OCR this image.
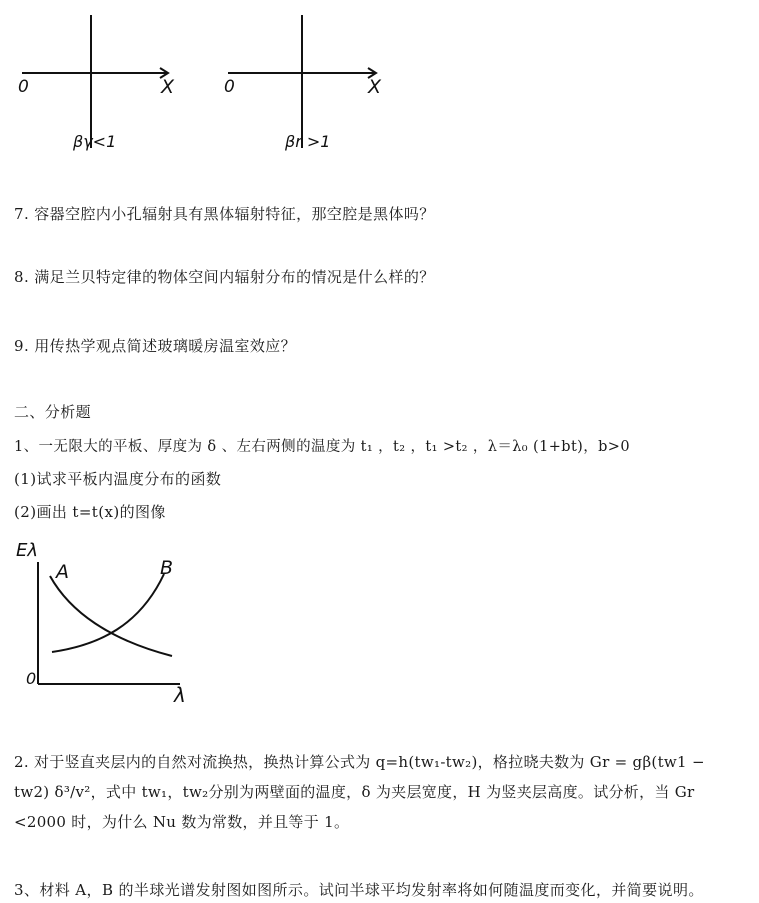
0	X
βγ<1
0	X
βr >1
7. 容器空腔内小孔辐射具有黑体辐射特征，那空腔是黑体吗？
8. 满足兰贝特定律的物体空间内辐射分布的情况是什么样的？
9. 用传热学观点简述玻璃暖房温室效应？
二、分析题
1、一无限大的平板、厚度为 δ 、左右两侧的温度为 t₁ ，t₂ ，t₁ >t₂ ，λ＝λ₀ (1+bt)，b>0
(1)试求平板内温度分布的函数
(2)画出 t=t(x)的图像
Eλ
A	B
0
λ
2. 对于竖直夹层内的自然对流换热，换热计算公式为 q=h(tw₁-tw₂)，格拉晓夫数为 Gr = gβ(tw1 −
tw2) δ³/v²，式中 tw₁，tw₂分别为两壁面的温度，δ 为夹层宽度，H 为竖夹层高度。试分析，当 Gr
<2000 时，为什么 Nu 数为常数，并且等于 1。
3、材料 A，B 的半球光谱发射图如图所示。试问半球平均发射率将如何随温度而变化，并简要说明。
